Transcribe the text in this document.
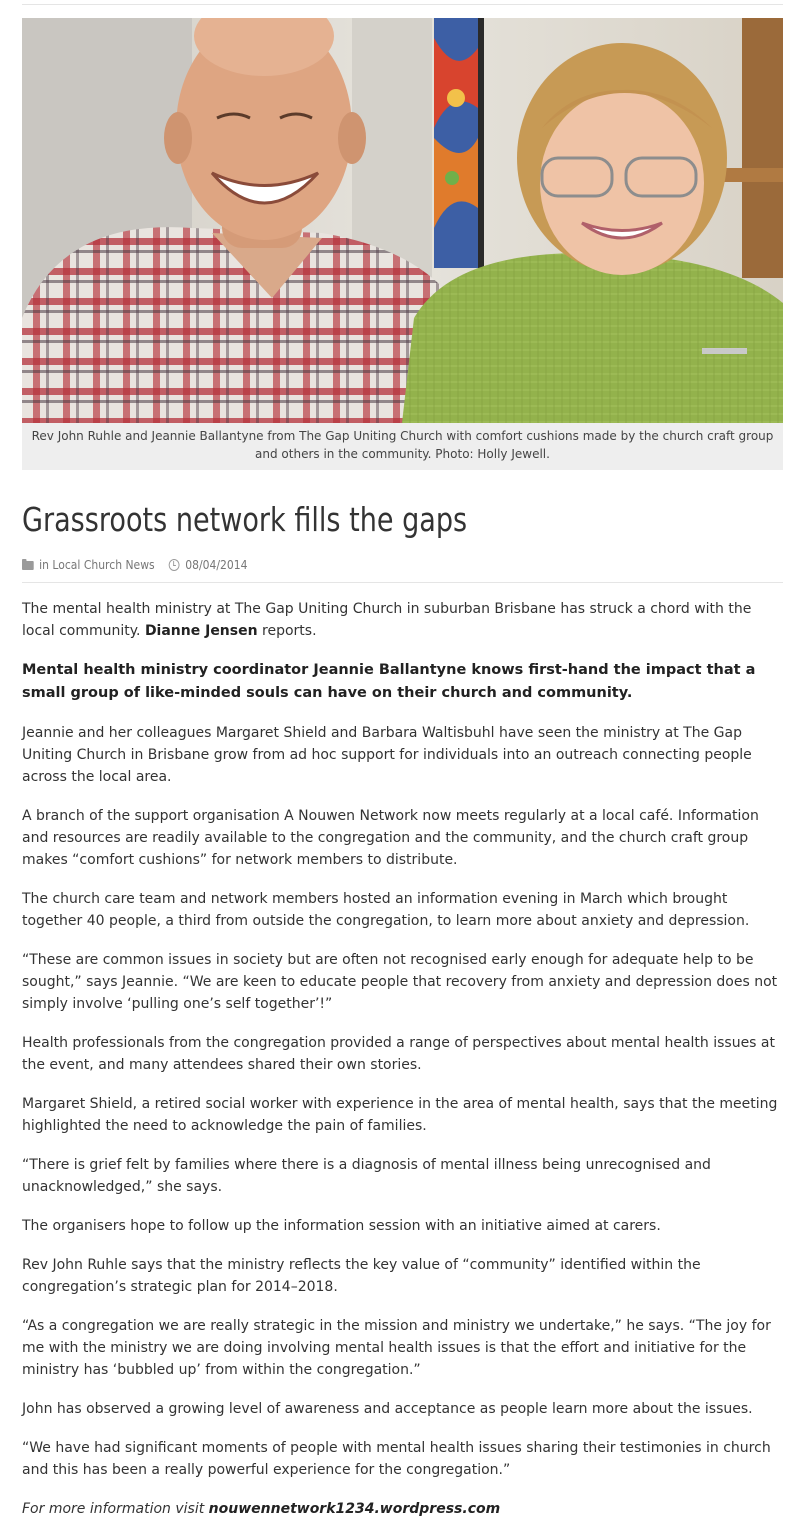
Rev John Ruhle and Jeannie Ballantyne from The Gap Uniting Church with comfort cushions made by the church craft group and others in the community. Photo: Holly Jewell.
Grassroots network fills the gaps
in
Local Church News	08/04/2014

The mental health ministry at The Gap Uniting Church in suburban Brisbane has struck a chord with the local community. Dianne Jensen reports.

Mental health ministry coordinator Jeannie Ballantyne knows first-hand the impact that a small group of like-minded souls can have on their church and community.

Jeannie and her colleagues Margaret Shield and Barbara Waltisbuhl have seen the ministry at The Gap Uniting Church in Brisbane grow from ad hoc support for individuals into an outreach connecting people across the local area.

A branch of the support organisation A Nouwen Network now meets regularly at a local café. Information and resources are readily available to the congregation and the community, and the church craft group makes “comfort cushions” for network members to distribute.

The church care team and network members hosted an information evening in March which brought together 40 people, a third from outside the congregation, to learn more about anxiety and depression.

“These are common issues in society but are often not recognised early enough for adequate help to be sought,” says Jeannie. “We are keen to educate people that recovery from anxiety and depression does not simply involve ‘pulling one’s self together’!”

Health professionals from the congregation provided a range of perspectives about mental health issues at the event, and many attendees shared their own stories.

Margaret Shield, a retired social worker with experience in the area of mental health, says that the meeting highlighted the need to acknowledge the pain of families.

“There is grief felt by families where there is a diagnosis of mental illness being unrecognised and unacknowledged,” she says.

The organisers hope to follow up the information session with an initiative aimed at carers.

Rev John Ruhle says that the ministry reflects the key value of “community” identified within the congregation’s strategic plan for 2014–2018.

“As a congregation we are really strategic in the mission and ministry we undertake,” he says. “The joy for me with the ministry we are doing involving mental health issues is that the effort and initiative for the ministry has ‘bubbled up’ from within the congregation.”

John has observed a growing level of awareness and acceptance as people learn more about the issues.

“We have had significant moments of people with mental health issues sharing their testimonies in church and this has been a really powerful experience for the congregation.”

For more information visit nouwennetwork1234.wordpress.com
